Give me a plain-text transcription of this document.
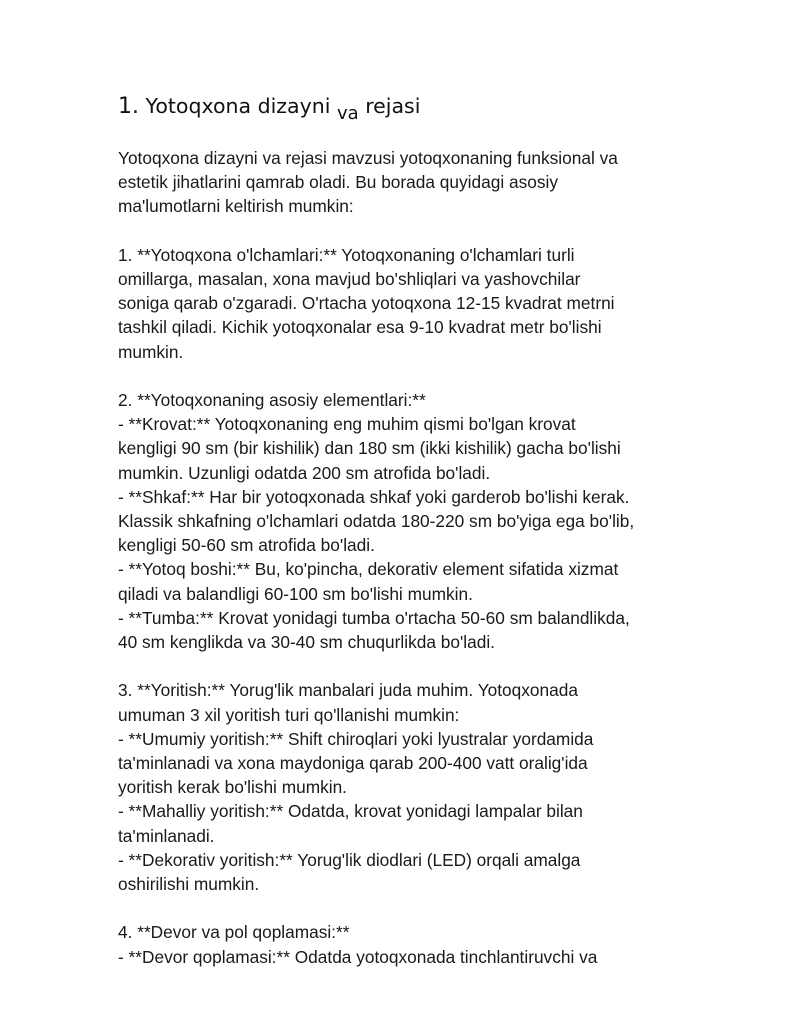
1. Yotoqxona dizayni va rejasi

Yotoqxona dizayni va rejasi mavzusi yotoqxonaning funksional va
estetik jihatlarini qamrab oladi. Bu borada quyidagi asosiy
ma'lumotlarni keltirish mumkin:

1. **Yotoqxona o'lchamlari:** Yotoqxonaning o'lchamlari turli
omillarga, masalan, xona mavjud bo'shliqlari va yashovchilar
soniga qarab o'zgaradi. O'rtacha yotoqxona 12-15 kvadrat metrni
tashkil qiladi. Kichik yotoqxonalar esa 9-10 kvadrat metr bo'lishi
mumkin.

2. **Yotoqxonaning asosiy elementlari:**
- **Krovat:** Yotoqxonaning eng muhim qismi bo'lgan krovat
kengligi 90 sm (bir kishilik) dan 180 sm (ikki kishilik) gacha bo'lishi
mumkin. Uzunligi odatda 200 sm atrofida bo'ladi.
- **Shkaf:** Har bir yotoqxonada shkaf yoki garderob bo'lishi kerak.
Klassik shkafning o'lchamlari odatda 180-220 sm bo'yiga ega bo'lib,
kengligi 50-60 sm atrofida bo'ladi.
- **Yotoq boshi:** Bu, ko'pincha, dekorativ element sifatida xizmat
qiladi va balandligi 60-100 sm bo'lishi mumkin.
- **Tumba:** Krovat yonidagi tumba o'rtacha 50-60 sm balandlikda,
40 sm kenglikda va 30-40 sm chuqurlikda bo'ladi.

3. **Yoritish:** Yorug'lik manbalari juda muhim. Yotoqxonada
umuman 3 xil yoritish turi qo'llanishi mumkin:
- **Umumiy yoritish:** Shift chiroqlari yoki lyustralar yordamida
ta'minlanadi va xona maydoniga qarab 200-400 vatt oralig'ida
yoritish kerak bo'lishi mumkin.
- **Mahalliy yoritish:** Odatda, krovat yonidagi lampalar bilan
ta'minlanadi.
- **Dekorativ yoritish:** Yorug'lik diodlari (LED) orqali amalga
oshirilishi mumkin.

4. **Devor va pol qoplamasi:**
- **Devor qoplamasi:** Odatda yotoqxonada tinchlantiruvchi va
